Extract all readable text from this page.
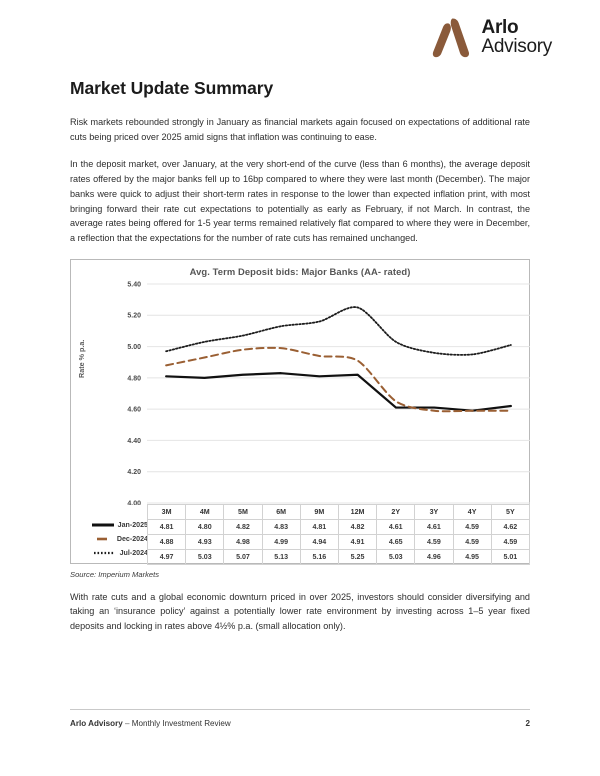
Arlo
Advisory
Market Update Summary

Risk markets rebounded strongly in January as financial markets again focused on expectations of additional rate cuts being priced over 2025 amid signs that inflation was continuing to ease.

In the deposit market, over January, at the very short-end of the curve (less than 6 months), the average deposit rates offered by the major banks fell up to 16bp compared to where they were last month (December). The major banks were quick to adjust their short-term rates in response to the lower than expected inflation print, with most bringing forward their rate cut expectations to potentially as early as February, if not March. In contrast, the average rates being offered for 1-5 year terms remained relatively flat compared to where they were in December, a reflection that the expectations for the number of rate cuts has remained unchanged.

Avg. Term Deposit bids: Major Banks (AA- rated)
Rate % p.a.
5.40
5.20
5.00
4.80
4.60
4.40
4.20
4.00
Jan-2025
Dec-2024
Jul-2024
3M	4M	5M	6M	9M	12M	2Y	3Y	4Y	5Y
4.81	4.80	4.82	4.83	4.81	4.82	4.61	4.61	4.59	4.62
4.88	4.93	4.98	4.99	4.94	4.91	4.65	4.59	4.59	4.59
4.97	5.03	5.07	5.13	5.16	5.25	5.03	4.96	4.95	5.01
Source: Imperium Markets

With rate cuts and a global economic downturn priced in over 2025, investors should consider diversifying and taking an ‘insurance policy’ against a potentially lower rate environment by investing across 1–5 year fixed deposits and locking in rates above 4½% p.a. (small allocation only).

Arlo Advisory – Monthly Investment Review	2
